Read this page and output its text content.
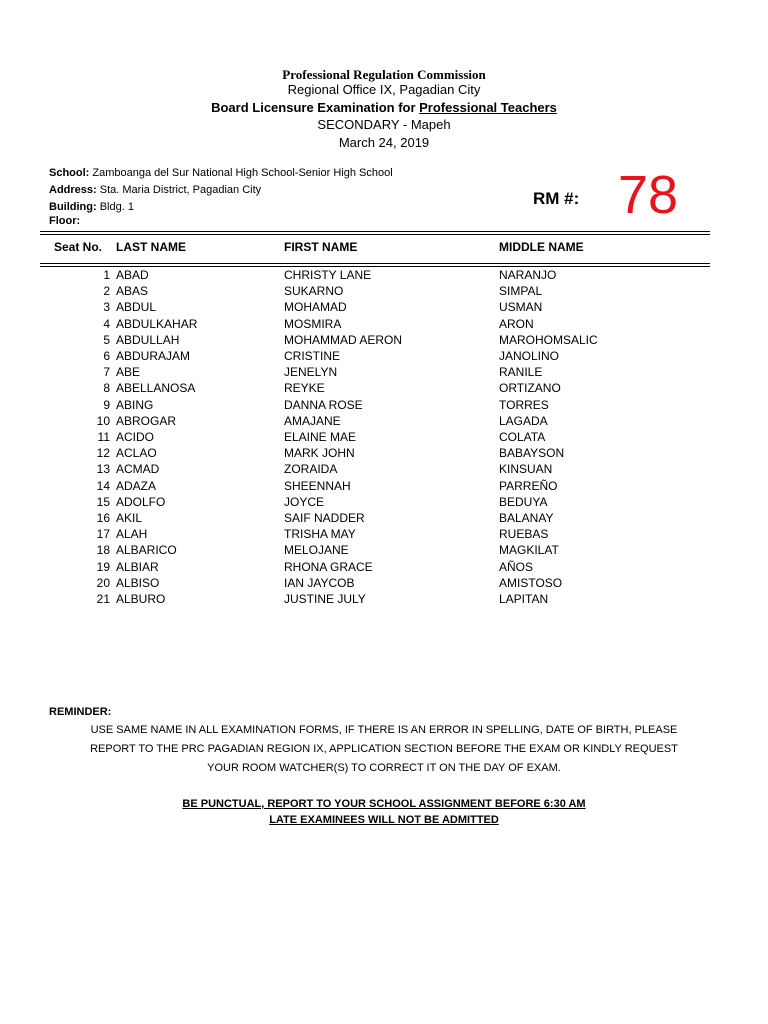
Professional Regulation Commission
Regional Office IX, Pagadian City
Board Licensure Examination for Professional Teachers
SECONDARY - Mapeh
March 24, 2019
School: Zamboanga del Sur National High School-Senior High School
Address: Sta. Maria District, Pagadian City
Building: Bldg. 1
Floor:
RM #: 78
Seat No. LAST NAME	FIRST NAME	MIDDLE NAME
1 ABAD	CHRISTY LANE	NARANJO
2 ABAS	SUKARNO	SIMPAL
3 ABDUL	MOHAMAD	USMAN
4 ABDULKAHAR	MOSMIRA	ARON
5 ABDULLAH	MOHAMMAD AERON	MAROHOMSALIC
6 ABDURAJAM	CRISTINE	JANOLINO
7 ABE	JENELYN	RANILE
8 ABELLANOSA	REYKE	ORTIZANO
9 ABING	DANNA ROSE	TORRES
10 ABROGAR	AMAJANE	LAGADA
11 ACIDO	ELAINE MAE	COLATA
12 ACLAO	MARK JOHN	BABAYSON
13 ACMAD	ZORAIDA	KINSUAN
14 ADAZA	SHEENNAH	PARREÑO
15 ADOLFO	JOYCE	BEDUYA
16 AKIL	SAIF NADDER	BALANAY
17 ALAH	TRISHA MAY	RUEBAS
18 ALBARICO	MELOJANE	MAGKILAT
19 ALBIAR	RHONA GRACE	AÑOS
20 ALBISO	IAN JAYCOB	AMISTOSO
21 ALBURO	JUSTINE JULY	LAPITAN
REMINDER:
USE SAME NAME IN ALL EXAMINATION FORMS, IF THERE IS AN ERROR IN SPELLING, DATE OF BIRTH, PLEASE
REPORT TO THE PRC PAGADIAN REGION IX, APPLICATION SECTION BEFORE THE EXAM OR KINDLY REQUEST
YOUR ROOM WATCHER(S) TO CORRECT IT ON THE DAY OF EXAM.
BE PUNCTUAL, REPORT TO YOUR SCHOOL ASSIGNMENT BEFORE 6:30 AM
LATE EXAMINEES WILL NOT BE ADMITTED
